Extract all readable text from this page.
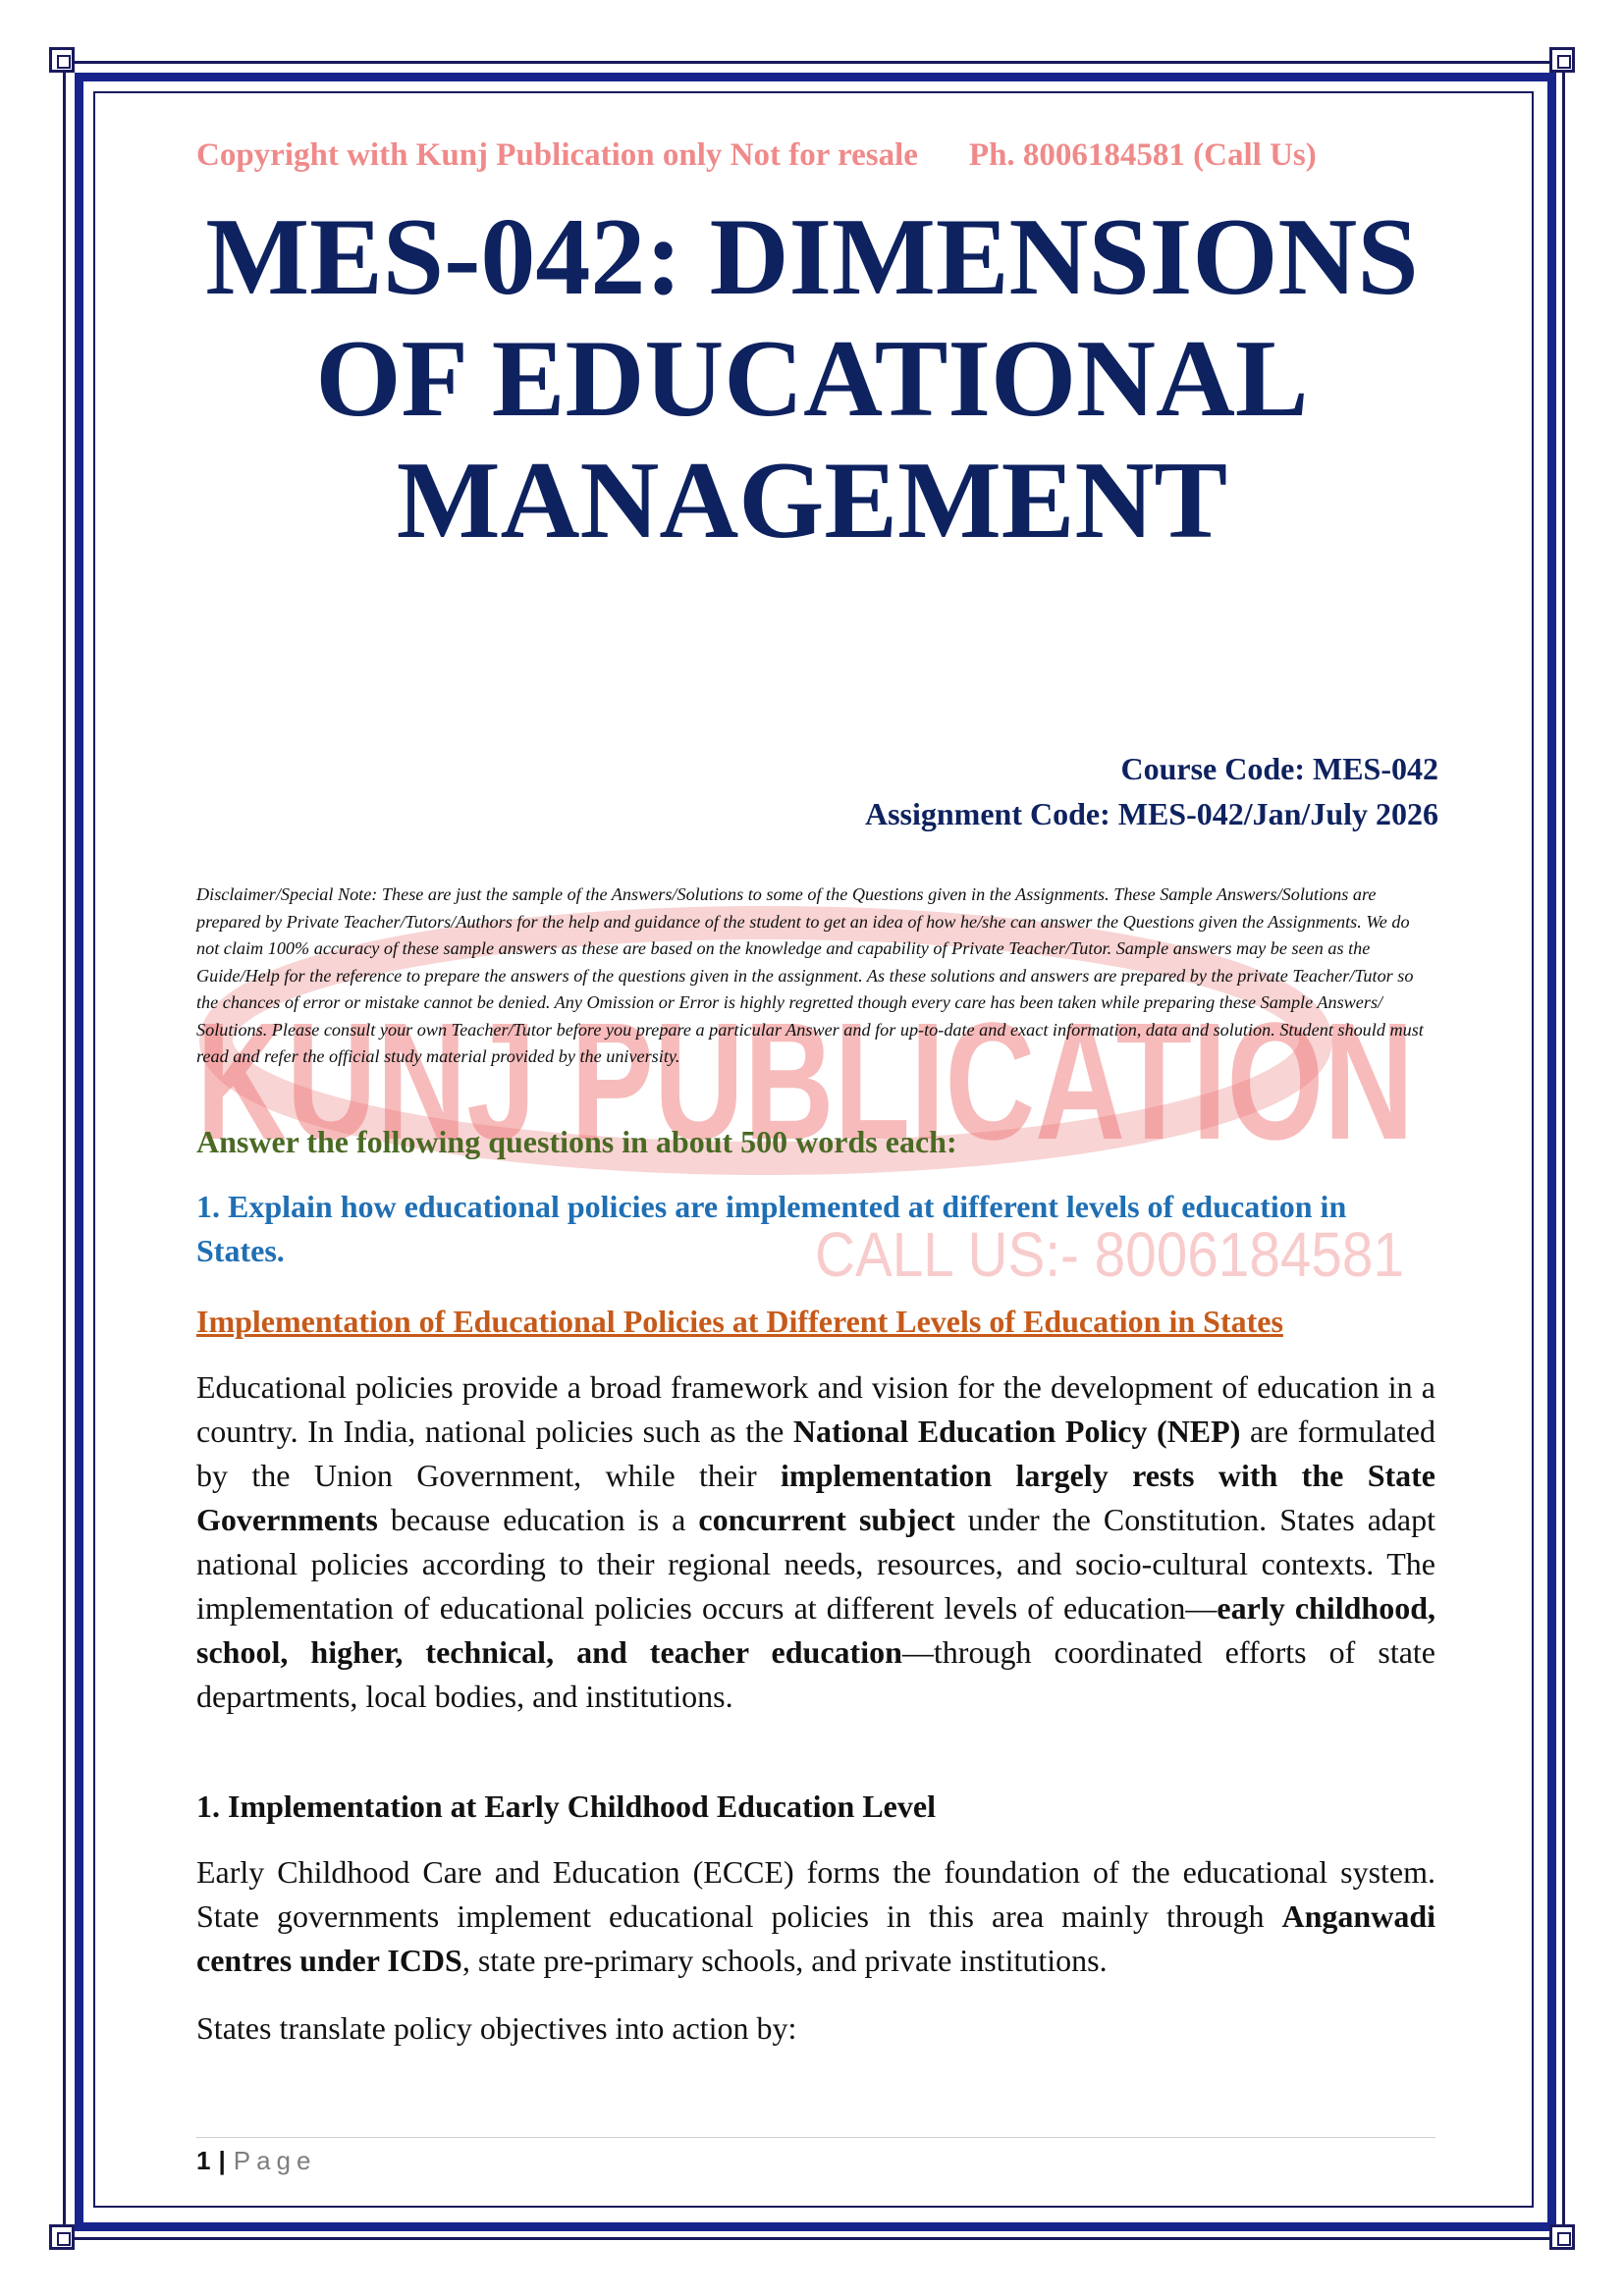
KUNJ PUBLICATION
CALL US:- 8006184581
Copyright with Kunj Publication only Not for resale Ph. 8006184581 (Call Us)
MES-042: DIMENSIONS
OF EDUCATIONAL
MANAGEMENT
Course Code: MES-042
Assignment Code: MES-042/Jan/July 2026

Disclaimer/Special Note: These are just the sample of the Answers/Solutions to some of the Questions given in the Assignments. These Sample Answers/Solutions are prepared by Private Teacher/Tutors/Authors for the help and guidance of the student to get an idea of how he/she can answer the Questions given the Assignments. We do not claim 100% accuracy of these sample answers as these are based on the knowledge and capability of Private Teacher/Tutor. Sample answers may be seen as the Guide/Help for the reference to prepare the answers of the questions given in the assignment. As these solutions and answers are prepared by the private Teacher/Tutor so the chances of error or mistake cannot be denied. Any Omission or Error is highly regretted though every care has been taken while preparing these Sample Answers/ Solutions. Please consult your own Teacher/Tutor before you prepare a particular Answer and for up-to-date and exact information, data and solution. Student should must read and refer the official study material provided by the university.

Answer the following questions in about 500 words each:

1. Explain how educational policies are implemented at different levels of education in States.

Implementation of Educational Policies at Different Levels of Education in States

Educational policies provide a broad framework and vision for the development of education in a country. In India, national policies such as the National Education Policy (NEP) are formulated by the Union Government, while their implementation largely rests with the State Governments because education is a concurrent subject under the Constitution. States adapt national policies according to their regional needs, resources, and socio-cultural contexts. The implementation of educational policies occurs at different levels of education—early childhood, school, higher, technical, and teacher education—through coordinated efforts of state departments, local bodies, and institutions.

1. Implementation at Early Childhood Education Level

Early Childhood Care and Education (ECCE) forms the foundation of the educational system. State governments implement educational policies in this area mainly through Anganwadi centres under ICDS, state pre-primary schools, and private institutions.

States translate policy objectives into action by:

1 | Page
